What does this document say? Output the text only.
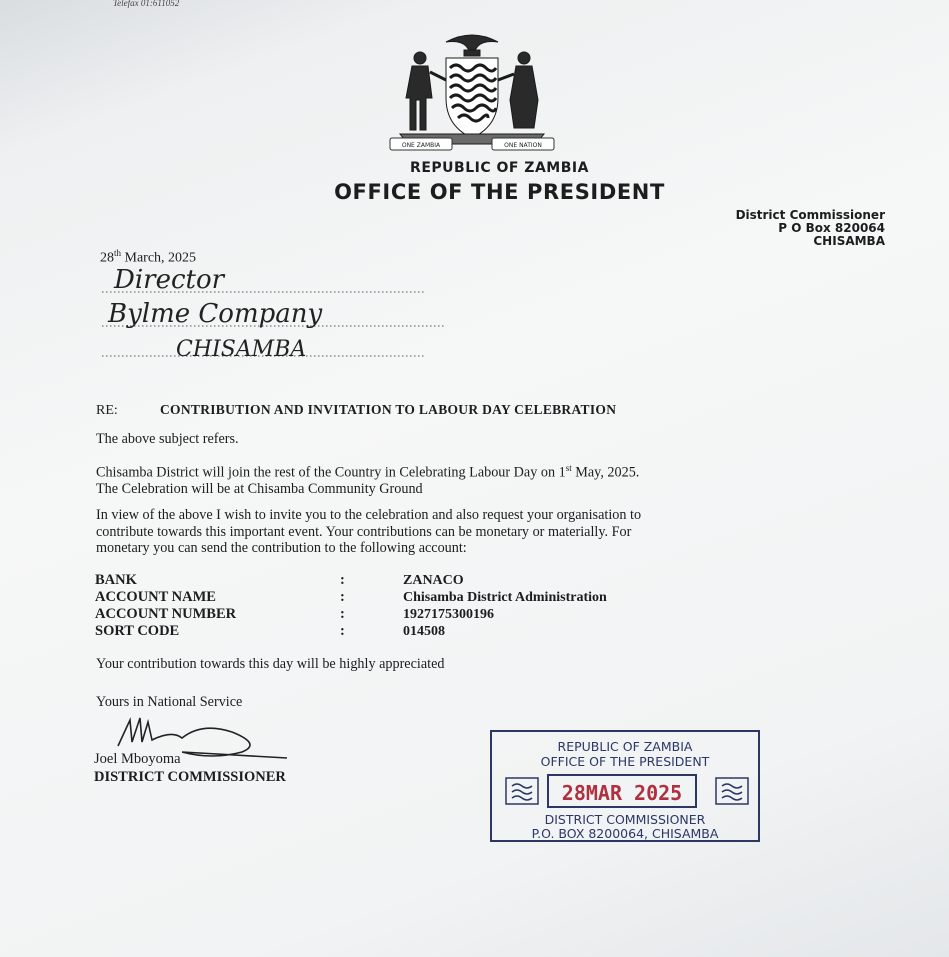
Telefax 01:611052
ONE ZAMBIA	ONE NATION
REPUBLIC OF ZAMBIA
OFFICE OF THE PRESIDENT
District Commissioner
P O Box 820064
CHISAMBA
28th March, 2025
Director
Bylme Company
CHISAMBA
RE:	CONTRIBUTION AND INVITATION TO LABOUR DAY CELEBRATION
The above subject refers.
Chisamba District will join the rest of the Country in Celebrating Labour Day on 1st May, 2025.
The Celebration will be at Chisamba Community Ground
In view of the above I wish to invite you to the celebration and also request your organisation to
contribute towards this important event. Your contributions can be monetary or materially. For
monetary you can send the contribution to the following account:
BANK	:	ZANACO
ACCOUNT NAME	:	Chisamba District Administration
ACCOUNT NUMBER	:	1927175300196
SORT CODE	:	014508
Your contribution towards this day will be highly appreciated
Yours in National Service
Joel Mboyoma
DISTRICT COMMISSIONER
REPUBLIC OF ZAMBIA
OFFICE OF THE PRESIDENT
28MAR 2025
DISTRICT COMMISSIONER
P.O. BOX 8200064, CHISAMBA
